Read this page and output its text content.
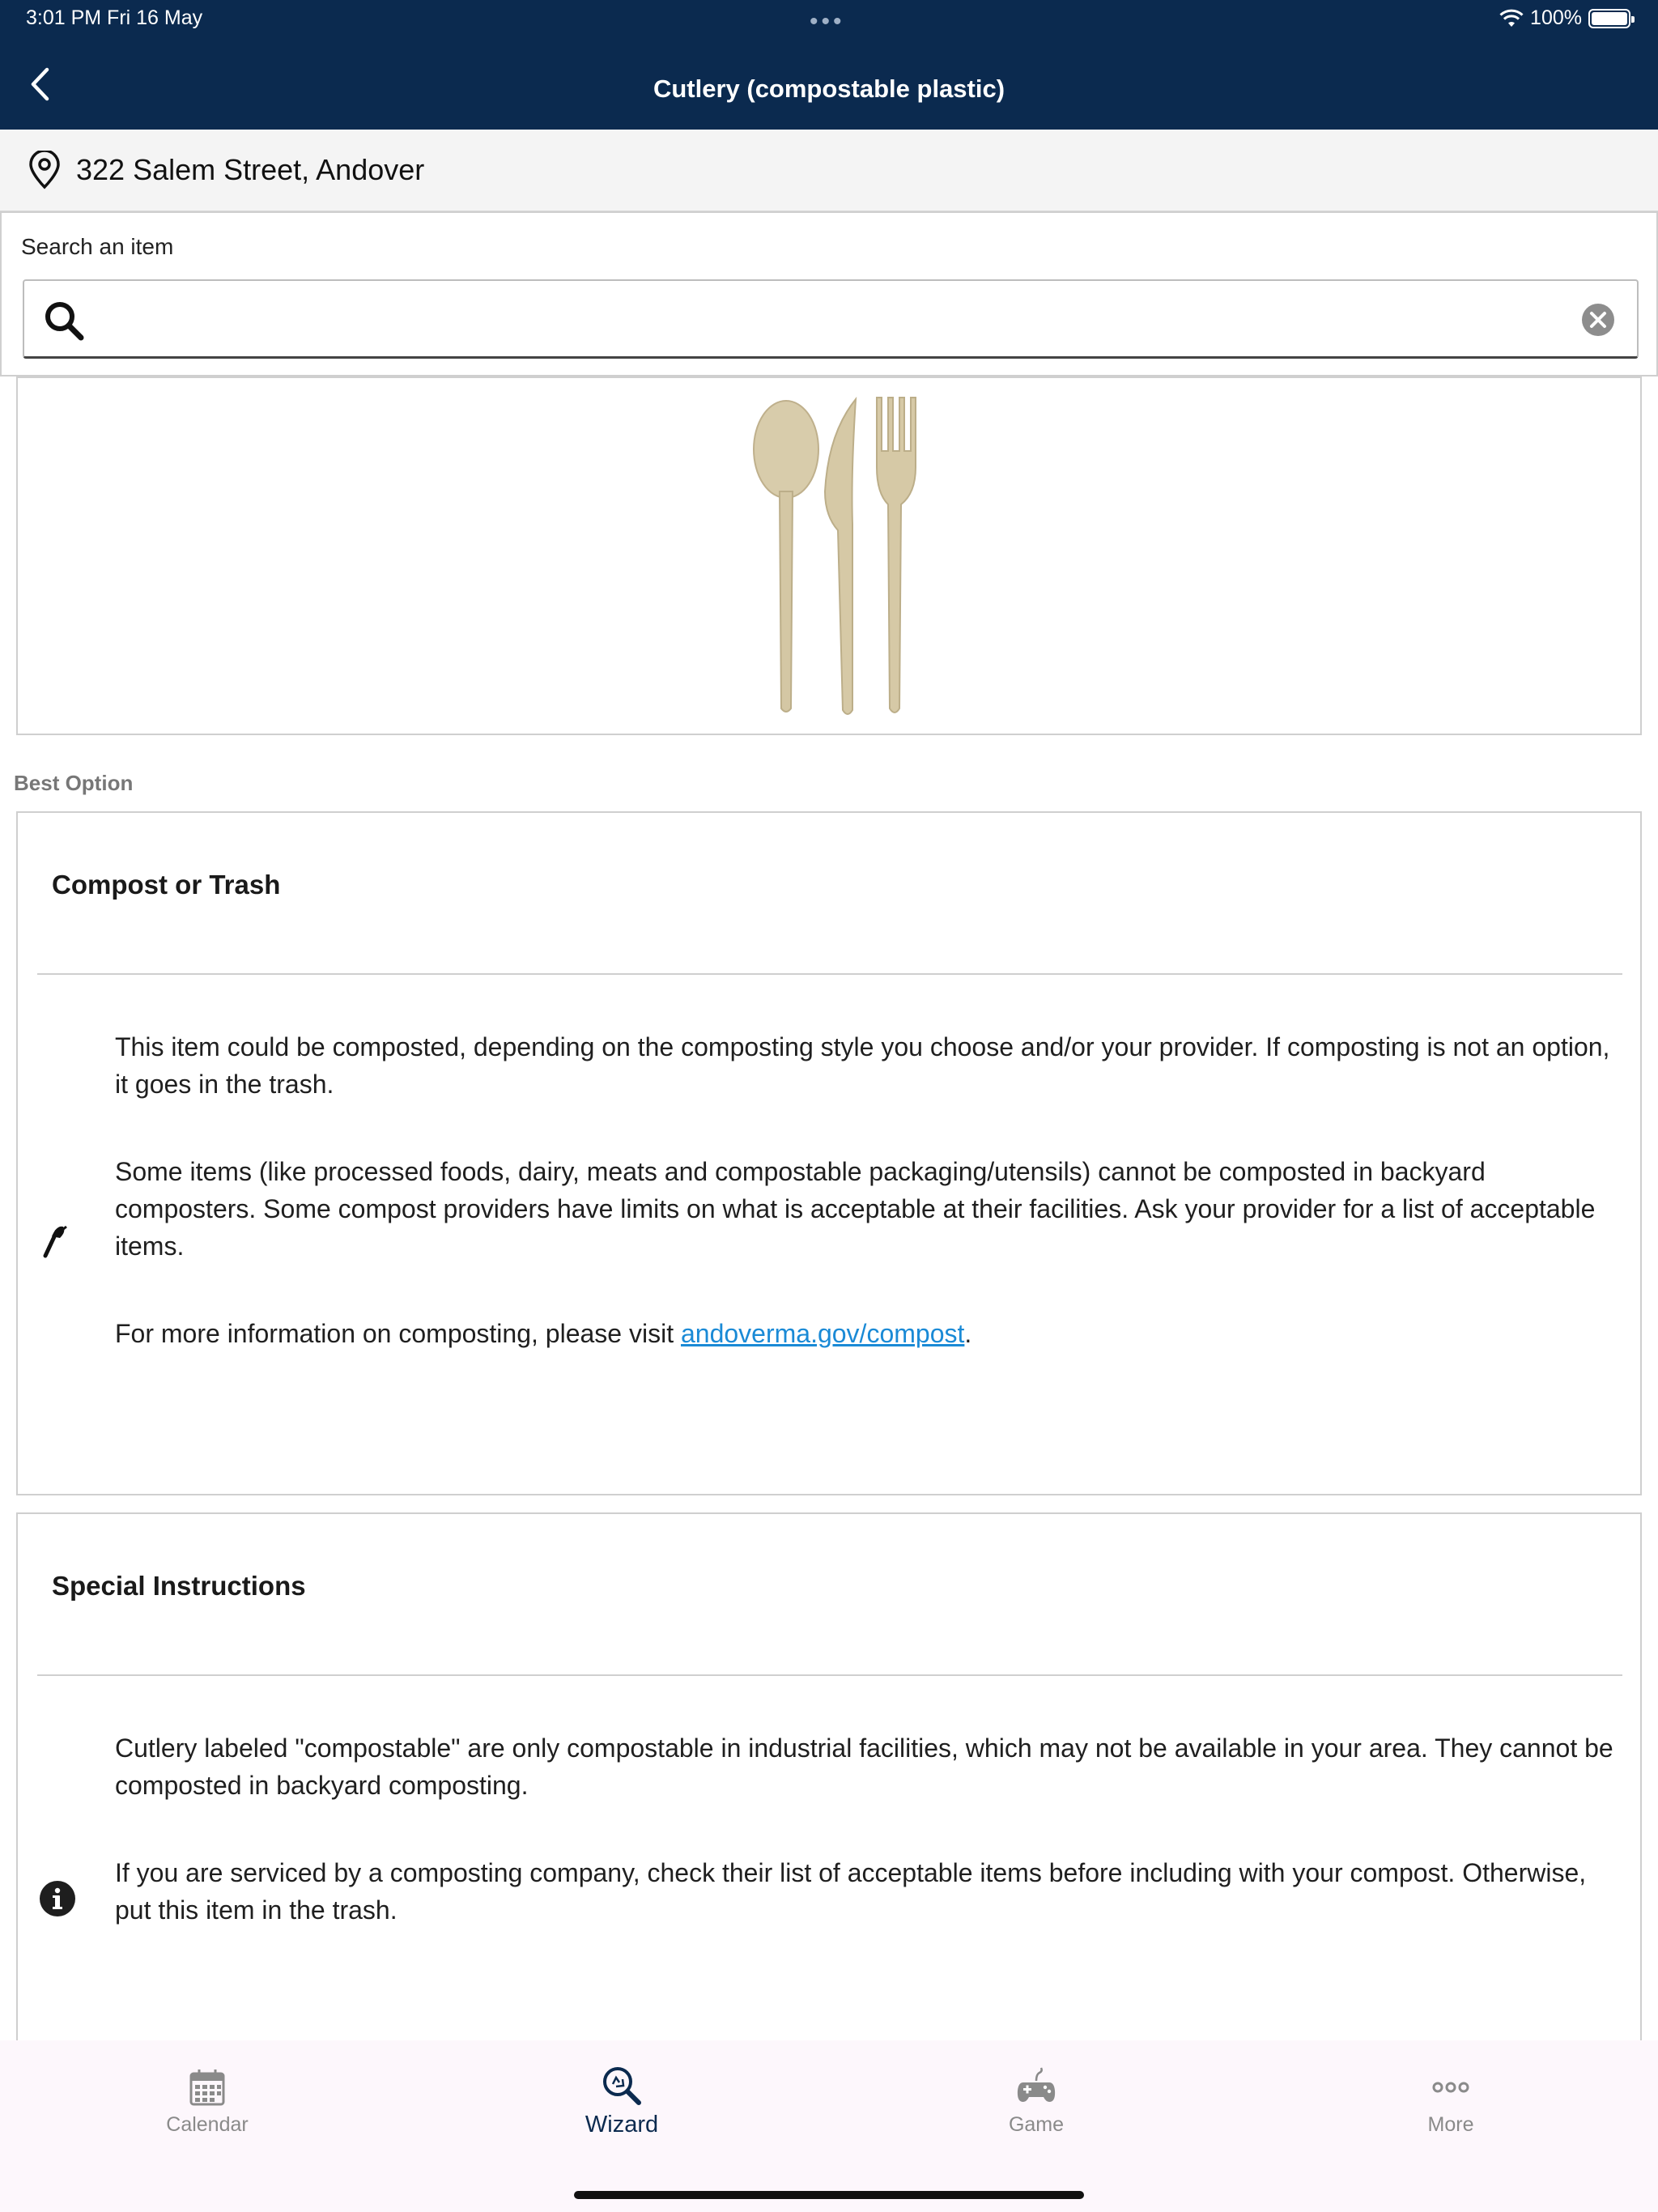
3:01 PM Fri 16 May	•••	100%
Cutlery (compostable plastic)
322 Salem Street, Andover
Search an item
Best Option
Compost or Trash

This item could be composted, depending on the composting style you choose and/or your provider. If composting is not an option, it goes in the trash.

Some items (like processed foods, dairy, meats and compostable packaging/utensils) cannot be composted in backyard composters. Some compost providers have limits on what is acceptable at their facilities. Ask your provider for a list of acceptable items.

For more information on composting, please visit andoverma.gov/compost.

Special Instructions

Cutlery labeled "compostable" are only compostable in industrial facilities, which may not be available in your area. They cannot be composted in backyard composting.

If you are serviced by a composting company, check their list of acceptable items before including with your compost. Otherwise, put this item in the trash.

Calendar	Wizard	Game	More
